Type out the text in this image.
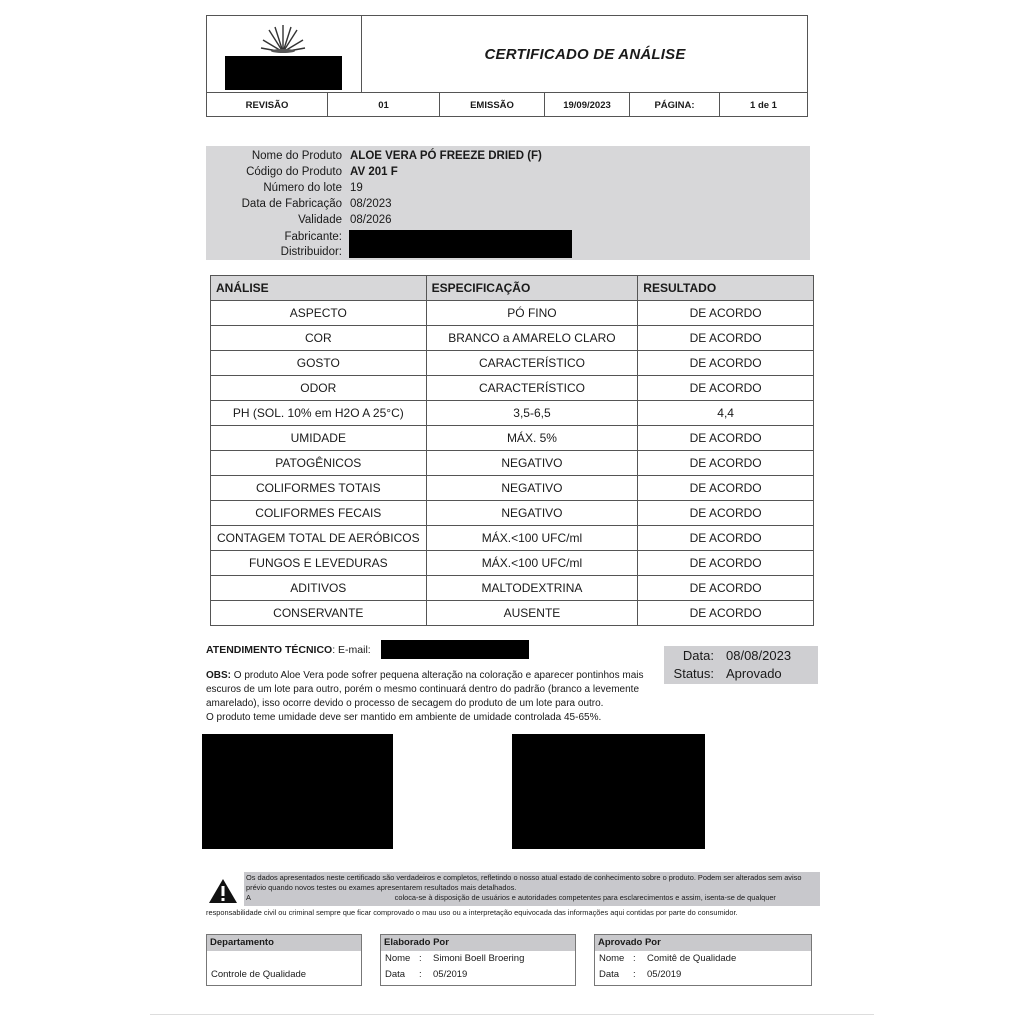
CERTIFICADO DE ANÁLISE
REVISÃO	01	EMISSÃO	19/09/2023	PÁGINA:	1 de 1
Nome do Produto ALOE VERA PÓ FREEZE DRIED (F)
Código do Produto AV 201 F
Número do lote 19
Data de Fabricação 08/2023
Validade 08/2026
Fabricante:
Distribuidor:
ANÁLISE	ESPECIFICAÇÃO	RESULTADO
ASPECTO	PÓ FINO	DE ACORDO
COR	BRANCO a AMARELO CLARO	DE ACORDO
GOSTO	CARACTERÍSTICO	DE ACORDO
ODOR	CARACTERÍSTICO	DE ACORDO
PH (SOL. 10% em H2O A 25°C)	3,5-6,5	4,4
UMIDADE	MÁX. 5%	DE ACORDO
PATOGÊNICOS	NEGATIVO	DE ACORDO
COLIFORMES TOTAIS	NEGATIVO	DE ACORDO
COLIFORMES FECAIS	NEGATIVO	DE ACORDO
CONTAGEM TOTAL DE AERÓBICOS	MÁX.<100 UFC/ml	DE ACORDO
FUNGOS E LEVEDURAS	MÁX.<100 UFC/ml	DE ACORDO
ADITIVOS	MALTODEXTRINA	DE ACORDO
CONSERVANTE	AUSENTE	DE ACORDO
ATENDIMENTO TÉCNICO: E-mail:
OBS: O produto Aloe Vera pode sofrer pequena alteração na coloração e aparecer pontinhos mais escuros de um lote para outro, porém o mesmo continuará dentro do padrão (branco a levemente amarelado), isso ocorre devido o processo de secagem do produto de um lote para outro.
O produto teme umidade deve ser mantido em ambiente de umidade controlada 45-65%.
Data: 08/08/2023
Status: Aprovado
Os dados apresentados neste certificado são verdadeiros e completos, refletindo o nosso atual estado de conhecimento sobre o produto. Podem ser alterados sem aviso prévio quando novos testes ou exames apresentarem resultados mais detalhados.
A	coloca-se à disposição de usuários e autoridades competentes para esclarecimentos e assim, isenta-se de qualquer
responsabilidade civil ou criminal sempre que ficar comprovado o mau uso ou a interpretação equivocada das informações aqui contidas por parte do consumidor.
Departamento
Controle de Qualidade
Elaborado Por
Nome : Simoni Boell Broering
Data : 05/2019
Aprovado Por
Nome : Comitê de Qualidade
Data : 05/2019
